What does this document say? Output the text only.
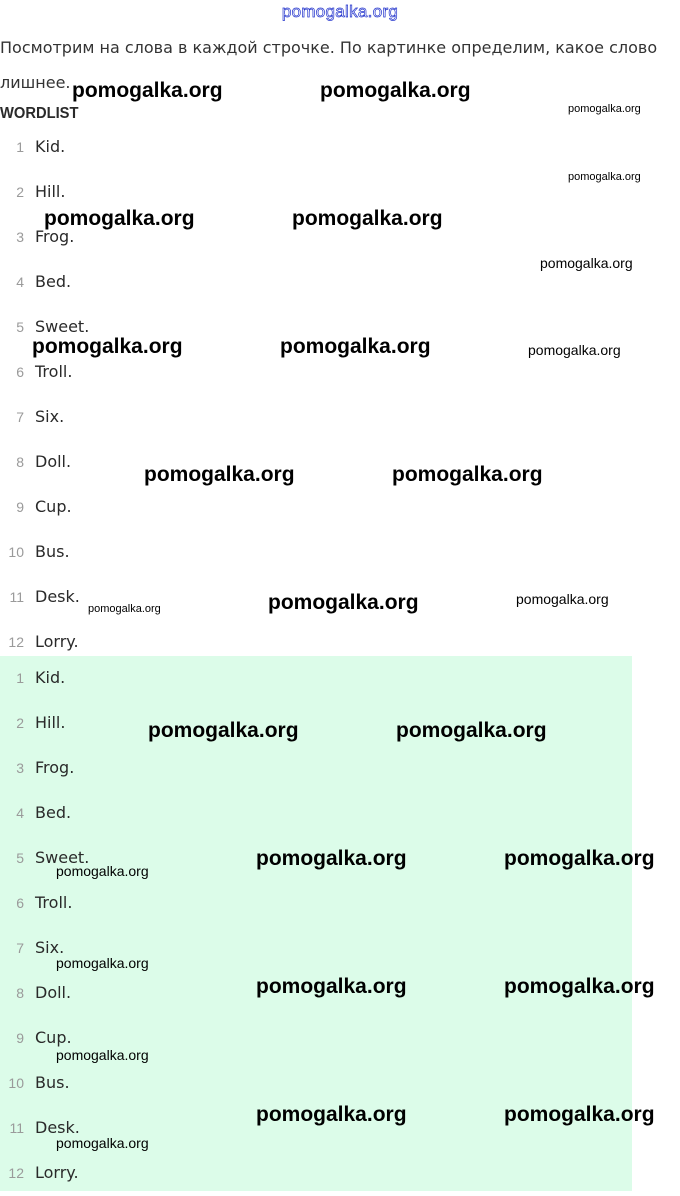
pomogalka.org
Посмотрим на слова в каждой строчке. По картинке определим, какое слово лишнее.
WORDLIST
1 Kid.
2 Hill.
3 Frog.
4 Bed.
5 Sweet.
6 Troll.
7 Six.
8 Doll.
9 Cup.
10 Bus.
11 Desk.
12 Lorry.
1 Kid.
2 Hill.
3 Frog.
4 Bed.
5 Sweet.
6 Troll.
7 Six.
8 Doll.
9 Cup.
10 Bus.
11 Desk.
12 Lorry.
pomogalka.org	pomogalka.org
pomogalka.org
pomogalka.org
pomogalka.org	pomogalka.org
pomogalka.org
pomogalka.org	pomogalka.org	pomogalka.org
pomogalka.org	pomogalka.org
pomogalka.org	pomogalka.org	pomogalka.org
pomogalka.org	pomogalka.org
pomogalka.org	pomogalka.org
pomogalka.org
pomogalka.org
pomogalka.org	pomogalka.org
pomogalka.org
pomogalka.org	pomogalka.org
pomogalka.org
